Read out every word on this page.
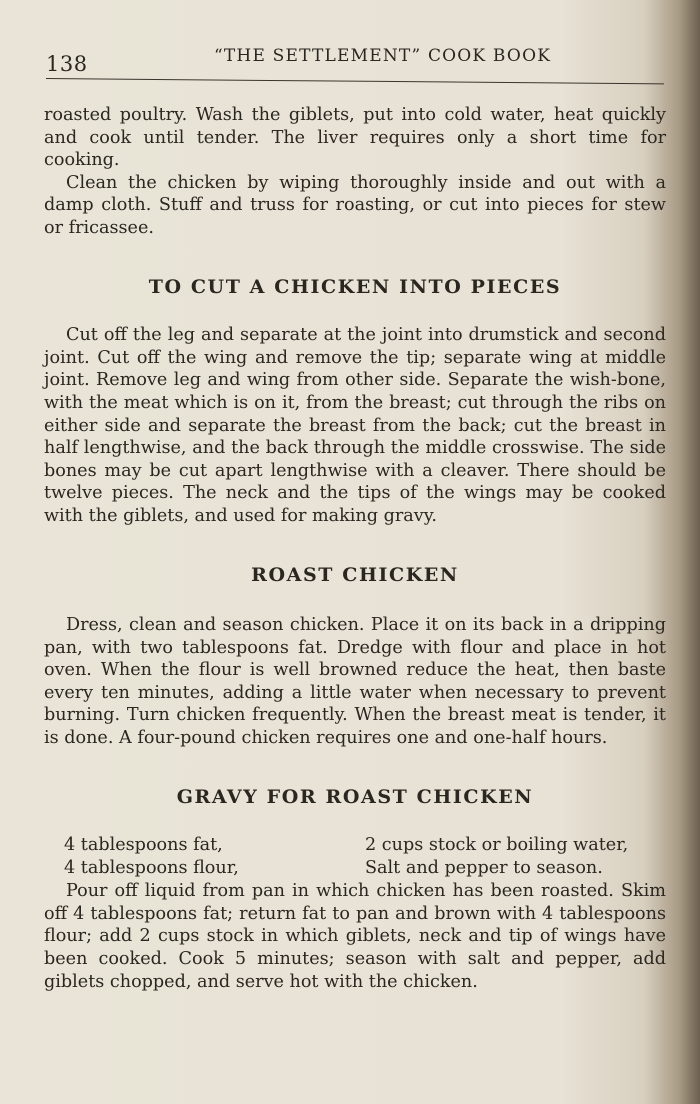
138	“THE SETTLEMENT” COOK BOOK

roasted poultry. Wash the giblets, put into cold water, heat quickly and cook until tender. The liver requires only a short time for cooking.

Clean the chicken by wiping thoroughly inside and out with a damp cloth. Stuff and truss for roasting, or cut into pieces for stew or fricassee.

TO CUT A CHICKEN INTO PIECES

Cut off the leg and separate at the joint into drumstick and second joint. Cut off the wing and remove the tip; separate wing at middle joint. Remove leg and wing from other side. Separate the wish-bone, with the meat which is on it, from the breast; cut through the ribs on either side and separate the breast from the back; cut the breast in half lengthwise, and the back through the middle crosswise. The side bones may be cut apart lengthwise with a cleaver. There should be twelve pieces. The neck and the tips of the wings may be cooked with the giblets, and used for making gravy.

ROAST CHICKEN

Dress, clean and season chicken. Place it on its back in a dripping pan, with two tablespoons fat. Dredge with flour and place in hot oven. When the flour is well browned reduce the heat, then baste every ten minutes, adding a little water when necessary to prevent burning. Turn chicken frequently. When the breast meat is tender, it is done. A four-pound chicken requires one and one-half hours.

GRAVY FOR ROAST CHICKEN
4 tablespoons fat,
4 tablespoons flour,
2 cups stock or boiling water,
Salt and pepper to season.

Pour off liquid from pan in which chicken has been roasted. Skim off 4 tablespoons fat; return fat to pan and brown with 4 tablespoons flour; add 2 cups stock in which giblets, neck and tip of wings have been cooked. Cook 5 minutes; season with salt and pepper, add giblets chopped, and serve hot with the chicken.
